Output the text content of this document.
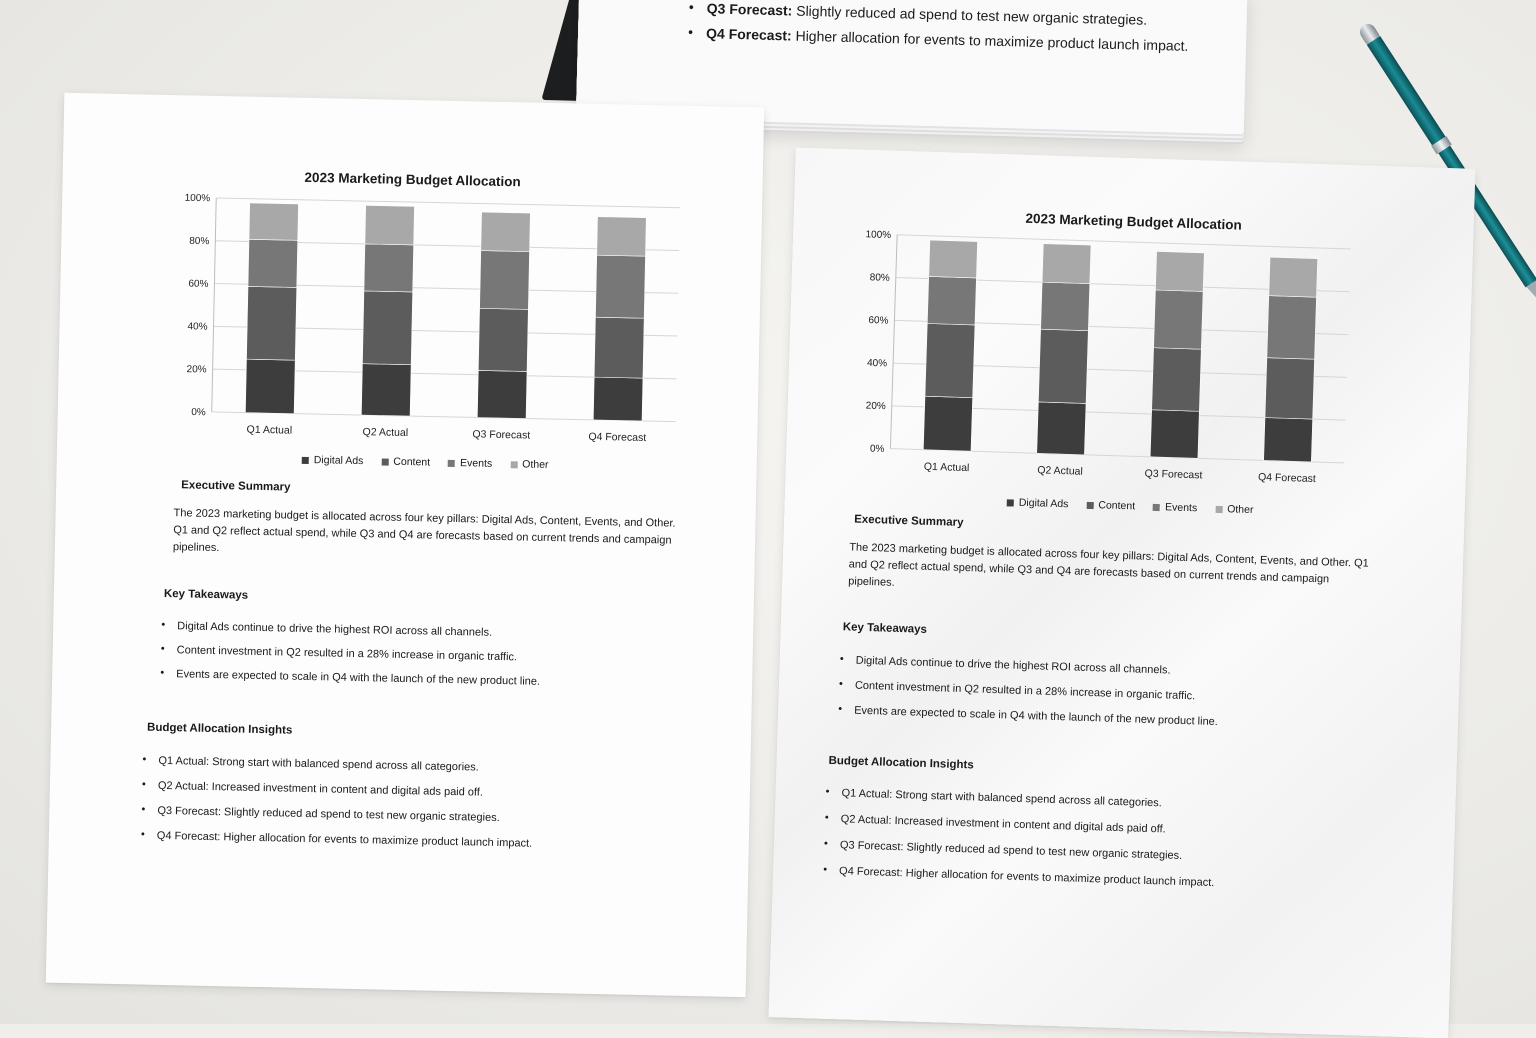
• Q3 Forecast: Slightly reduced ad spend to test new organic strategies.
• Q4 Forecast: Higher allocation for events to maximize product launch impact.
2023 Marketing Budget Allocation
0%
20%
40%
60%
80%
100%
Q1 Actual	Q2 Actual	Q3 Forecast	Q4 Forecast
Digital Ads	Content	Events	Other
Executive Summary
The 2023 marketing budget is allocated across four key pillars: Digital Ads, Content, Events, and Other. Q1 and Q2 reflect actual spend, while Q3 and Q4 are forecasts based on current trends and campaign pipelines.
Key Takeaways
• Digital Ads continue to drive the highest ROI across all channels.
• Content investment in Q2 resulted in a 28% increase in organic traffic.
• Events are expected to scale in Q4 with the launch of the new product line.
Budget Allocation Insights
• Q1 Actual: Strong start with balanced spend across all categories.
• Q2 Actual: Increased investment in content and digital ads paid off.
• Q3 Forecast: Slightly reduced ad spend to test new organic strategies.
• Q4 Forecast: Higher allocation for events to maximize product launch impact.
2023 Marketing Budget Allocation
0%
20%
40%
60%
80%
100%
Q1 Actual	Q2 Actual	Q3 Forecast	Q4 Forecast
Digital Ads	Content	Events	Other
Executive Summary
The 2023 marketing budget is allocated across four key pillars: Digital Ads, Content, Events, and Other. Q1 and Q2 reflect actual spend, while Q3 and Q4 are forecasts based on current trends and campaign pipelines.
Key Takeaways
• Digital Ads continue to drive the highest ROI across all channels.
• Content investment in Q2 resulted in a 28% increase in organic traffic.
• Events are expected to scale in Q4 with the launch of the new product line.
Budget Allocation Insights
• Q1 Actual: Strong start with balanced spend across all categories.
• Q2 Actual: Increased investment in content and digital ads paid off.
• Q3 Forecast: Slightly reduced ad spend to test new organic strategies.
• Q4 Forecast: Higher allocation for events to maximize product launch impact.
